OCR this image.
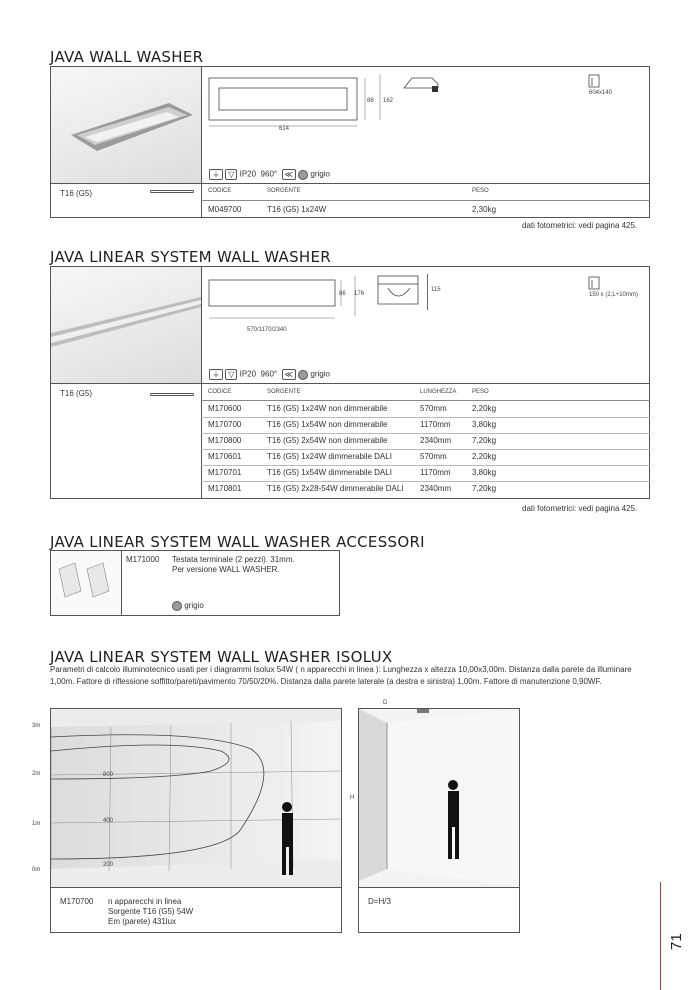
JAVA WALL WASHER
614
88 162
604x140
⏚ ▽ IP20 960° ≪ grigio
T16 (G5)	CODICE	SORGENTE	PESO
M049700	T16 (G5) 1x24W	2,30kg
dati fotometrici: vedi pagina 425.
JAVA LINEAR SYSTEM WALL WASHER
570/1170/2340
86 176
115
150 x (2,L+10mm)
⏚ ▽ IP20 960° ≪ grigio
T16 (G5)	CODICE	SORGENTE	LUNGHEZZA	PESO
M170600	T16 (G5) 1x24W non dimmerabile	570mm	2,20kg
M170700	T16 (G5) 1x54W non dimmerabile	1170mm	3,80kg
M170800	T16 (G5) 2x54W non dimmerabile	2340mm	7,20kg
M170601	T16 (G5) 1x24W dimmerabile DALI	570mm	2,20kg
M170701	T16 (G5) 1x54W dimmerabile DALI	1170mm	3,80kg
M170801	T16 (G5) 2x28-54W dimmerabile DALI 2340mm	7,20kg
dati fotometrici: vedi pagina 425.
JAVA LINEAR SYSTEM WALL WASHER ACCESSORI
M171000 Testata terminale (2 pezzi). 31mm.
Per versione WALL WASHER.
grigio
JAVA LINEAR SYSTEM WALL WASHER ISOLUX
Parametri di calcolo illuminotecnico usati per i diagrammi Isolux 54W ( n apparecchi in linea ): Lunghezza x altezza 10,00x3,00m. Distanza dalla parete da illuminare
1,00m. Fattore di riflessione soffitto/pareti/pavimento 70/50/20%. Distanza dalla parete laterale (a destra e sinistra) 1,00m. Fattore di manutenzione 0,90WF.
3m
2m
1m
0m
800
400
200
M170700 n apparecchi in linea
Sorgente T16 (G5) 54W
Em (parete) 431lux
D
H
D=H/3
71
